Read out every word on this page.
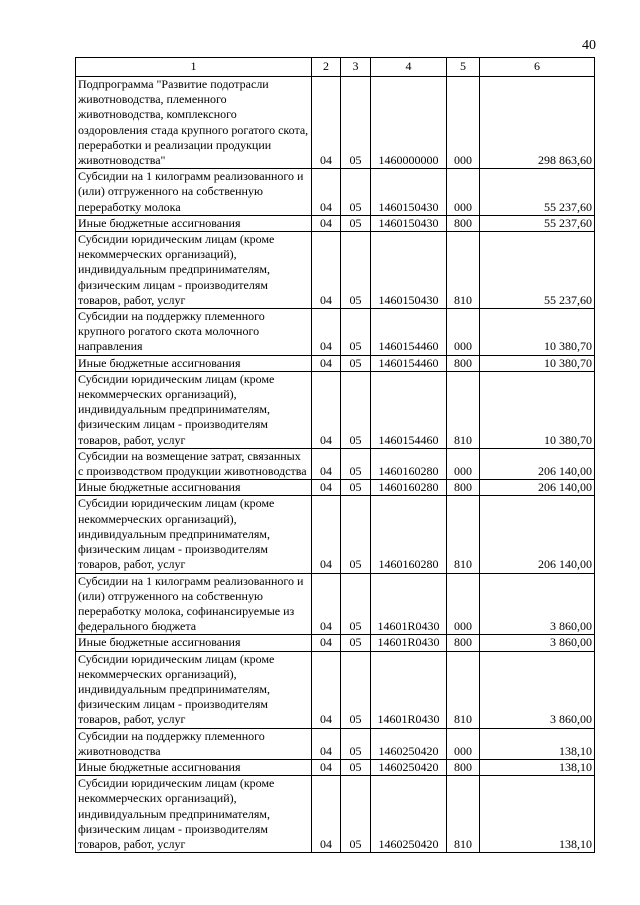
40
1	2	3	4	5	6
Подпрограмма "Развитие подотрасли животноводства, племенного животноводства, комплексного оздоровления стада крупного рогатого скота, переработки и реализации продукции животноводства"	04	05	1460000000	000	298 863,60
Субсидии на 1 килограмм реализованного и (или) отгруженного на собственную переработку молока	04	05	1460150430	000	55 237,60
Иные бюджетные ассигнования	04	05	1460150430	800	55 237,60
Субсидии юридическим лицам (кроме некоммерческих организаций), индивидуальным предпринимателям, физическим лицам - производителям товаров, работ, услуг	04	05	1460150430	810	55 237,60
Субсидии на поддержку племенного крупного рогатого скота молочного направления	04	05	1460154460	000	10 380,70
Иные бюджетные ассигнования	04	05	1460154460	800	10 380,70
Субсидии юридическим лицам (кроме некоммерческих организаций), индивидуальным предпринимателям, физическим лицам - производителям товаров, работ, услуг	04	05	1460154460	810	10 380,70
Субсидии на возмещение затрат, связанных с производством продукции животноводства	04	05	1460160280	000	206 140,00
Иные бюджетные ассигнования	04	05	1460160280	800	206 140,00
Субсидии юридическим лицам (кроме некоммерческих организаций), индивидуальным предпринимателям, физическим лицам - производителям товаров, работ, услуг	04	05	1460160280	810	206 140,00
Субсидии на 1 килограмм реализованного и (или) отгруженного на собственную переработку молока, софинансируемые из федерального бюджета	04	05	14601R0430	000	3 860,00
Иные бюджетные ассигнования	04	05	14601R0430	800	3 860,00
Субсидии юридическим лицам (кроме некоммерческих организаций), индивидуальным предпринимателям, физическим лицам - производителям товаров, работ, услуг	04	05	14601R0430	810	3 860,00
Субсидии на поддержку племенного животноводства	04	05	1460250420	000	138,10
Иные бюджетные ассигнования	04	05	1460250420	800	138,10
Субсидии юридическим лицам (кроме некоммерческих организаций), индивидуальным предпринимателям, физическим лицам - производителям товаров, работ, услуг	04	05	1460250420	810	138,10
